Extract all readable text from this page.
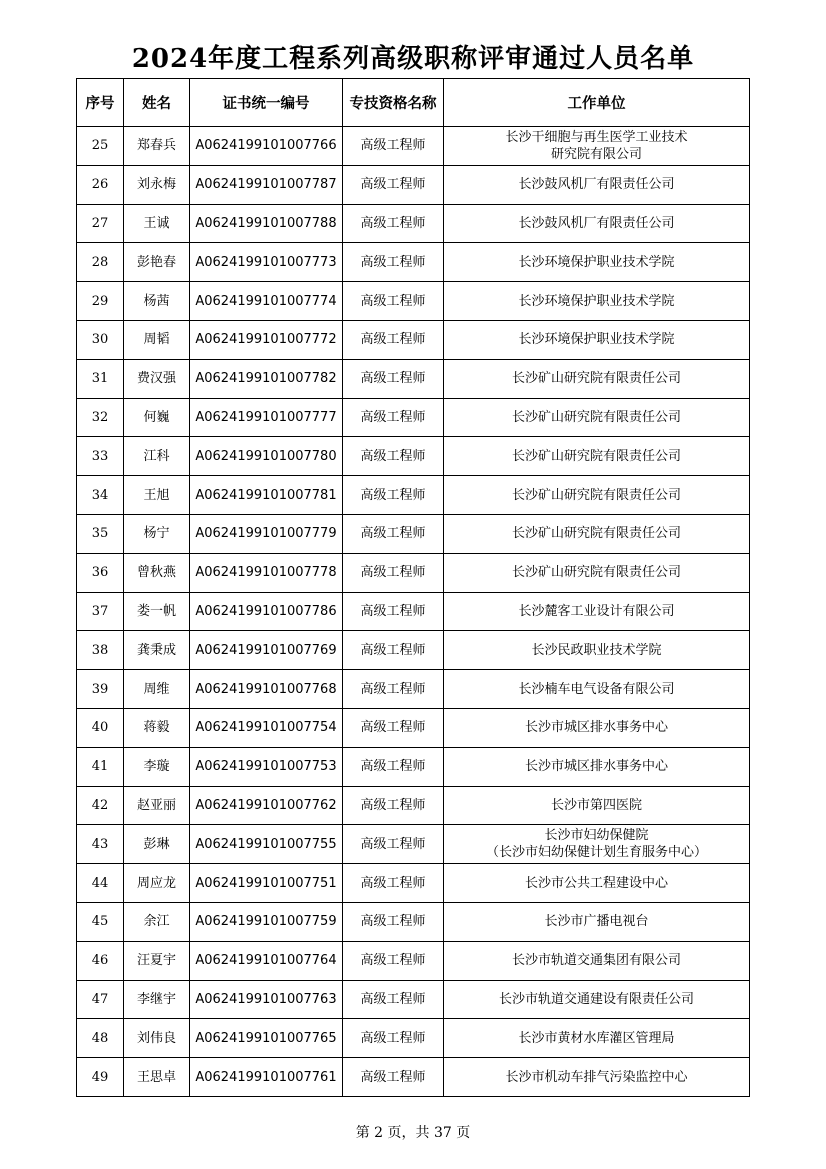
2024年度工程系列高级职称评审通过人员名单
序号	姓名	证书统一编号	专技资格名称	工作单位
25	郑春兵	A0624199101007766	高级工程师	长沙干细胞与再生医学工业技术
研究院有限公司

26	刘永梅	A0624199101007787	高级工程师	长沙鼓风机厂有限责任公司

27	王诚	A0624199101007788	高级工程师	长沙鼓风机厂有限责任公司

28	彭艳春	A0624199101007773	高级工程师	长沙环境保护职业技术学院

29	杨茜	A0624199101007774	高级工程师	长沙环境保护职业技术学院

30	周韬	A0624199101007772	高级工程师	长沙环境保护职业技术学院

31	费汉强	A0624199101007782	高级工程师	长沙矿山研究院有限责任公司

32	何巍	A0624199101007777	高级工程师	长沙矿山研究院有限责任公司

33	江科	A0624199101007780	高级工程师	长沙矿山研究院有限责任公司

34	王旭	A0624199101007781	高级工程师	长沙矿山研究院有限责任公司

35	杨宁	A0624199101007779	高级工程师	长沙矿山研究院有限责任公司

36	曾秋燕	A0624199101007778	高级工程师	长沙矿山研究院有限责任公司

37	娄一帆	A0624199101007786	高级工程师	长沙麓客工业设计有限公司

38	龚秉成	A0624199101007769	高级工程师	长沙民政职业技术学院

39	周维	A0624199101007768	高级工程师	长沙楠车电气设备有限公司

40	蒋毅	A0624199101007754	高级工程师	长沙市城区排水事务中心

41	李璇	A0624199101007753	高级工程师	长沙市城区排水事务中心

42	赵亚丽	A0624199101007762	高级工程师	长沙市第四医院

43	彭琳	A0624199101007755	高级工程师	长沙市妇幼保健院
（长沙市妇幼保健计划生育服务中心）

44	周应龙	A0624199101007751	高级工程师	长沙市公共工程建设中心

45	余江	A0624199101007759	高级工程师	长沙市广播电视台

46	汪夏宇	A0624199101007764	高级工程师	长沙市轨道交通集团有限公司

47	李继宇	A0624199101007763	高级工程师	长沙市轨道交通建设有限责任公司

48	刘伟良	A0624199101007765	高级工程师	长沙市黄材水库灌区管理局

49	王思卓	A0624199101007761	高级工程师	长沙市机动车排气污染监控中心
第 2 页，共 37 页
